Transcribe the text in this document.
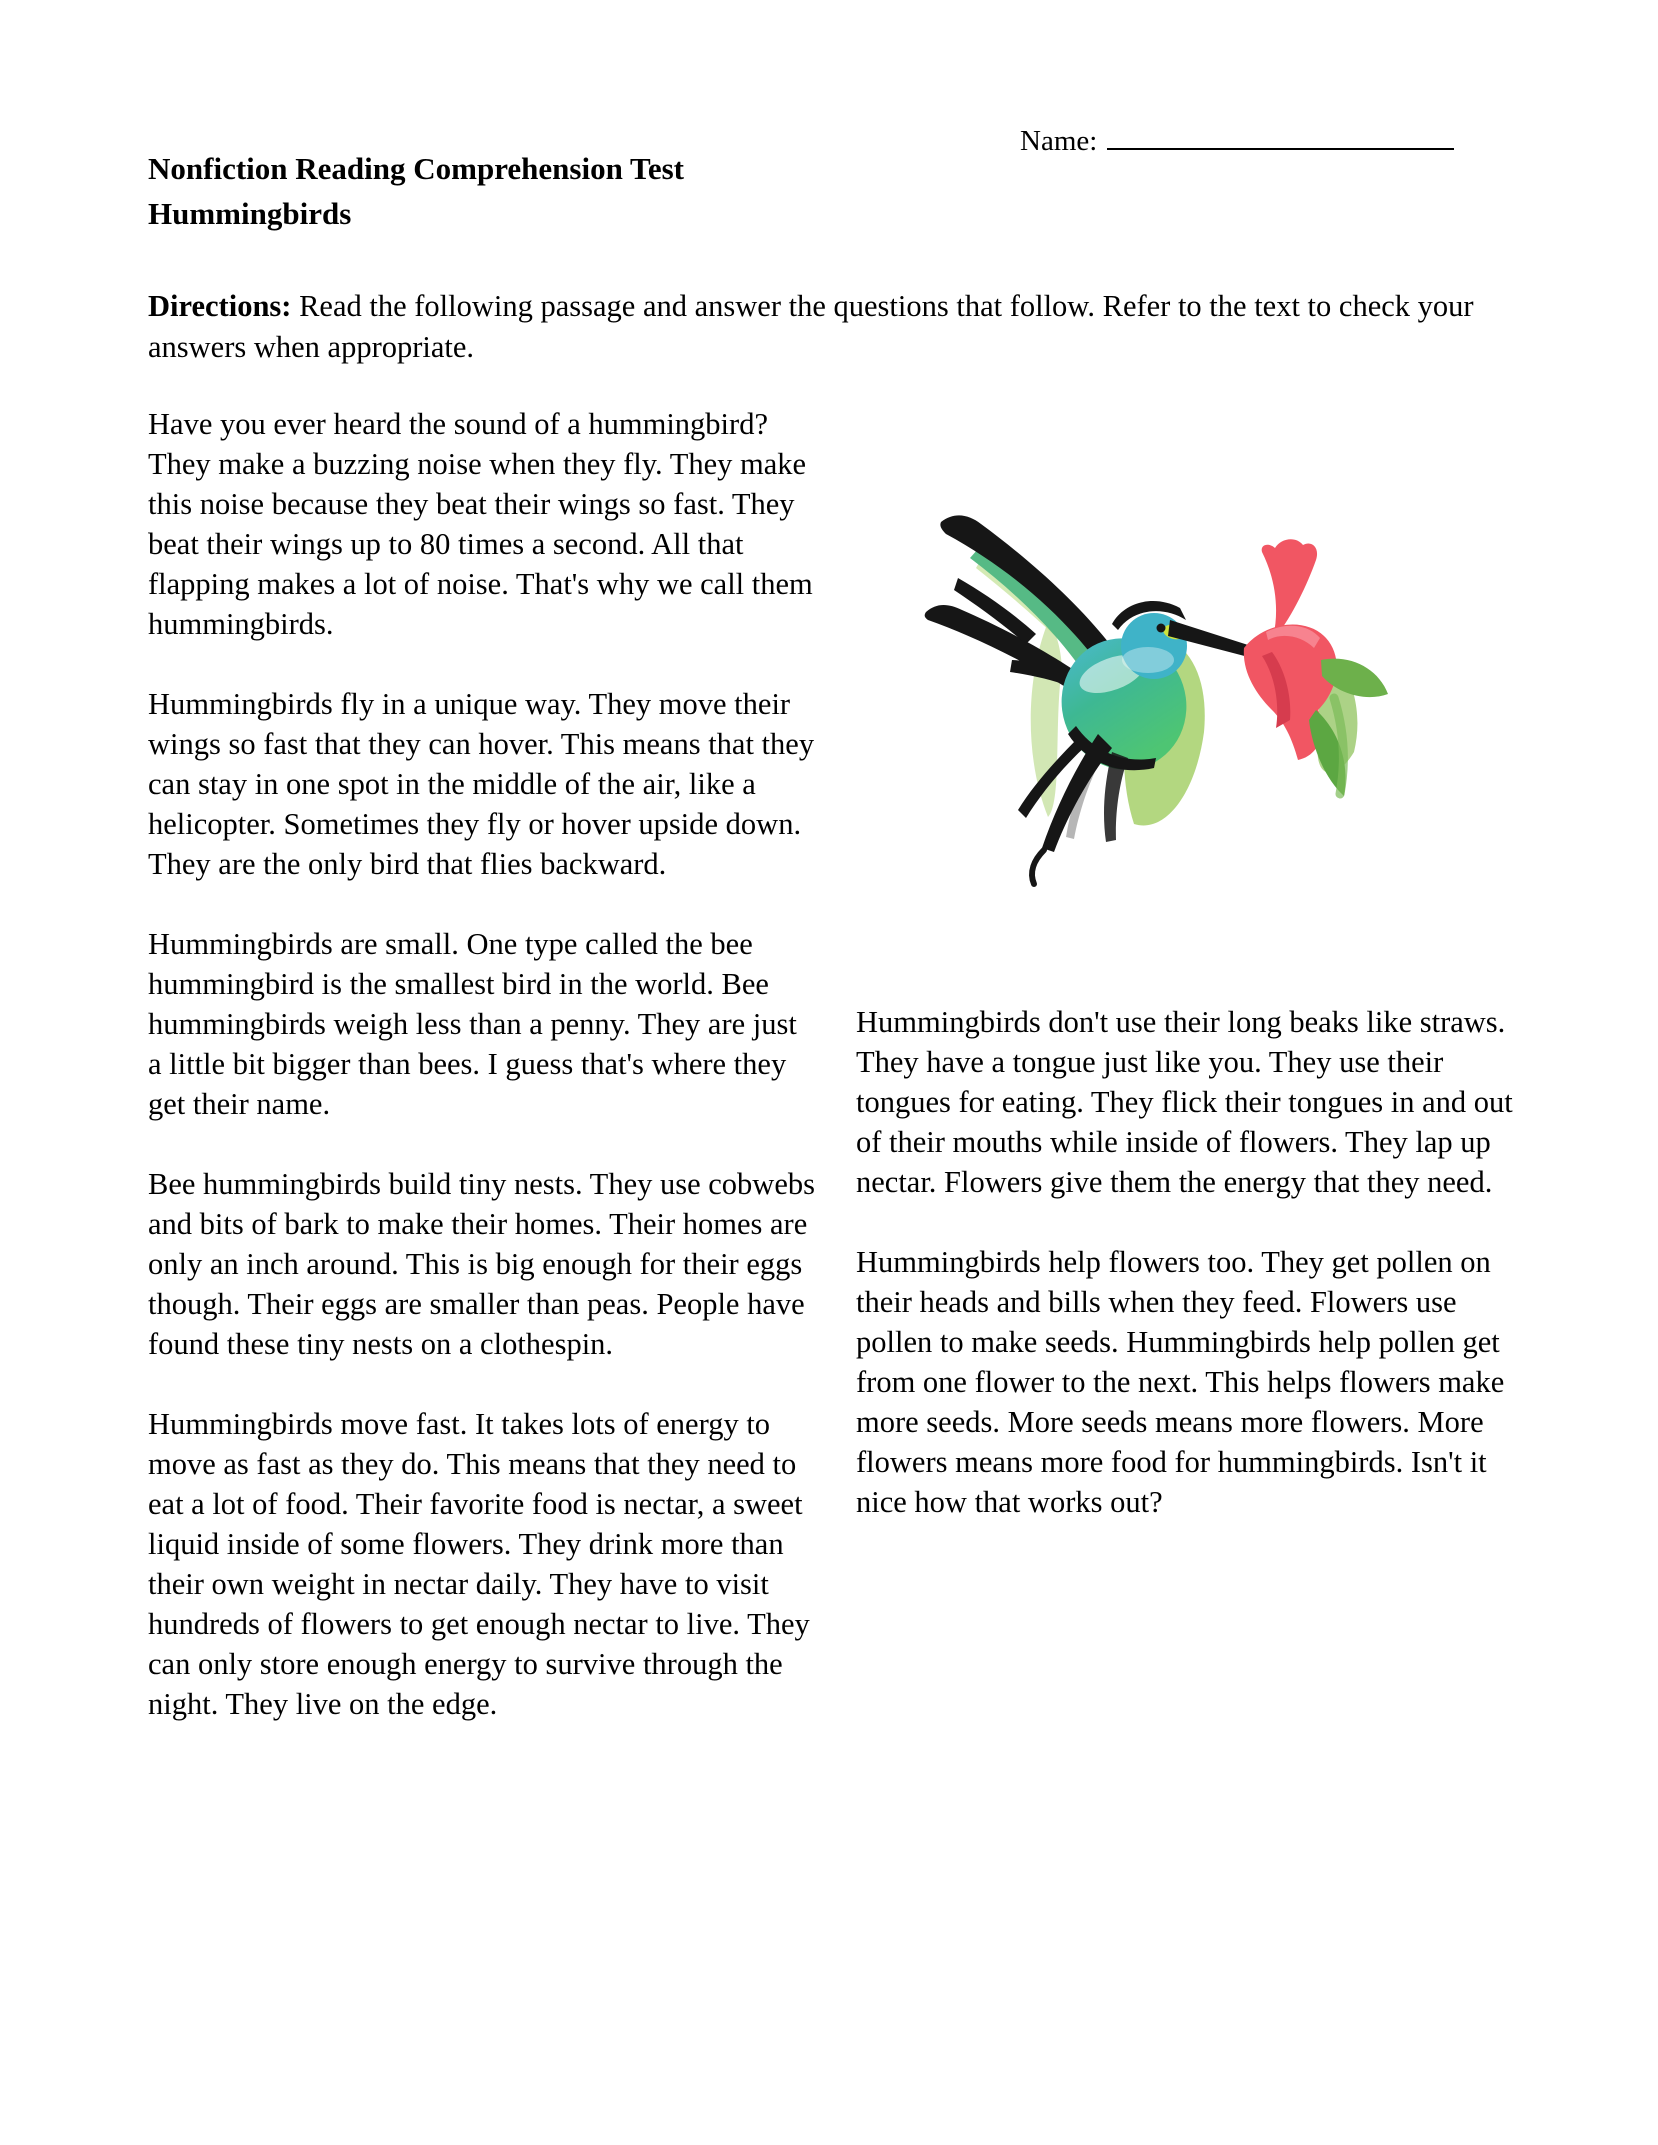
Name:
Nonfiction Reading Comprehension Test
Hummingbirds

Directions: Read the following passage and answer the questions that follow. Refer to the text to check your answers when appropriate.

Have you ever heard the sound of a hummingbird? They make a buzzing noise when they fly. They make this noise because they beat their wings so fast. They beat their wings up to 80 times a second. All that flapping makes a lot of noise. That's why we call them hummingbirds.

Hummingbirds fly in a unique way. They move their wings so fast that they can hover. This means that they can stay in one spot in the middle of the air, like a helicopter. Sometimes they fly or hover upside down. They are the only bird that flies backward.

Hummingbirds are small. One type called the bee hummingbird is the smallest bird in the world. Bee hummingbirds weigh less than a penny. They are just a little bit bigger than bees. I guess that's where they get their name.

Bee hummingbirds build tiny nests. They use cobwebs and bits of bark to make their homes. Their homes are only an inch around. This is big enough for their eggs though. Their eggs are smaller than peas. People have found these tiny nests on a clothespin.

Hummingbirds move fast. It takes lots of energy to move as fast as they do. This means that they need to eat a lot of food. Their favorite food is nectar, a sweet liquid inside of some flowers. They drink more than their own weight in nectar daily. They have to visit hundreds of flowers to get enough nectar to live. They can only store enough energy to survive through the night. They live on the edge.

Hummingbirds don't use their long beaks like straws. They have a tongue just like you. They use their tongues for eating. They flick their tongues in and out of their mouths while inside of flowers. They lap up nectar. Flowers give them the energy that they need.

Hummingbirds help flowers too. They get pollen on their heads and bills when they feed. Flowers use pollen to make seeds. Hummingbirds help pollen get from one flower to the next. This helps flowers make more seeds. More seeds means more flowers. More flowers means more food for hummingbirds. Isn't it nice how that works out?
